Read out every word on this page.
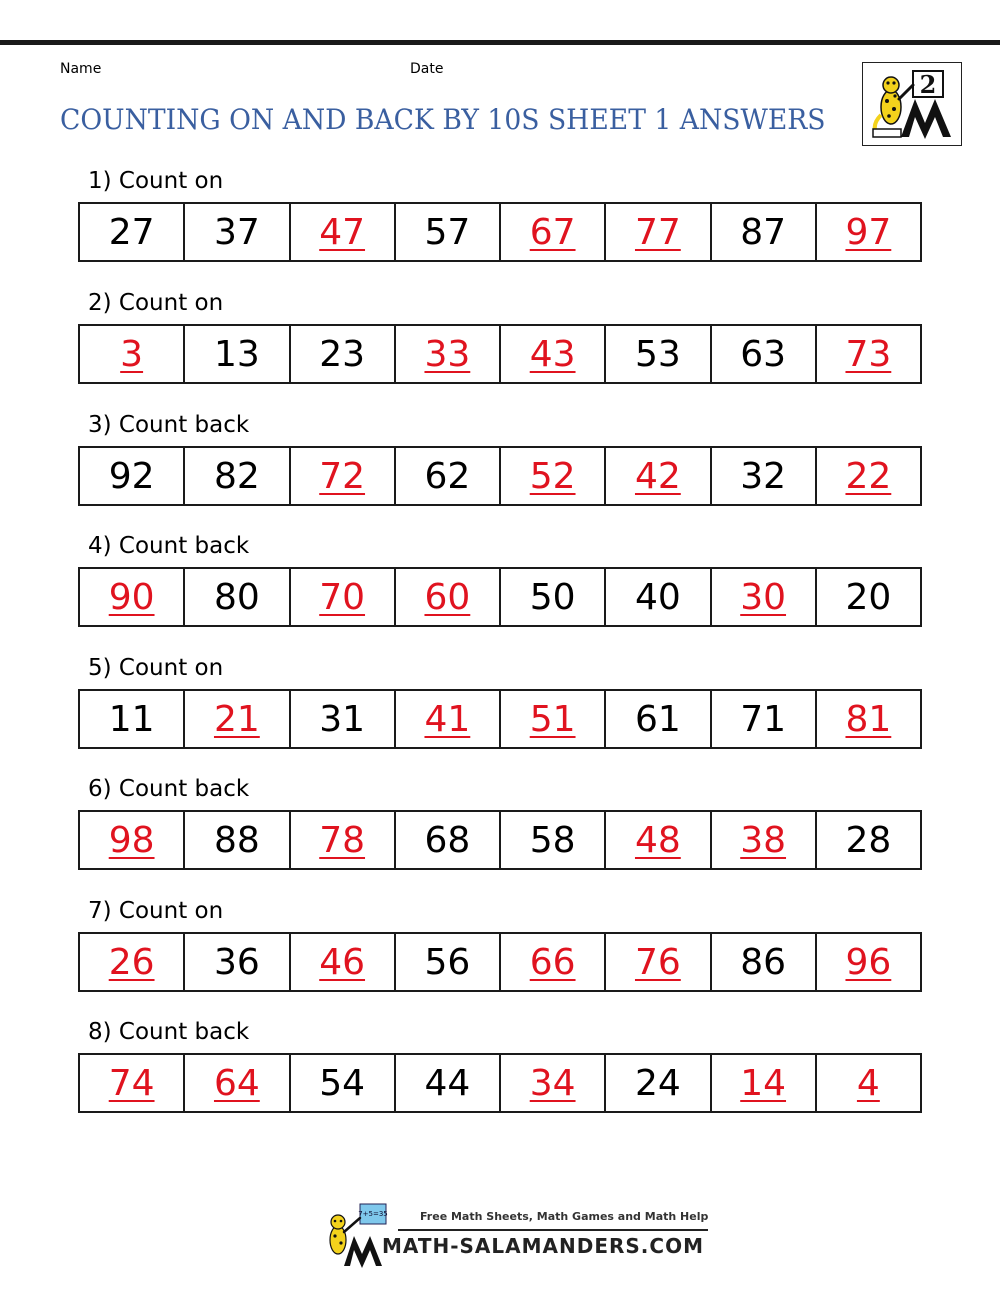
Name	Date
COUNTING ON AND BACK BY 10S SHEET 1 ANSWERS
2
1) Count on
27	37	47	57	67	77	87	97
2) Count on
3	13	23	33	43	53	63	73
3) Count back
92	82	72	62	52	42	32	22
4) Count back
90	80	70	60	50	40	30	20
5) Count on
11	21	31	41	51	61	71	81
6) Count back
98	88	78	68	58	48	38	28
7) Count on
26	36	46	56	66	76	86	96
8) Count back
74	64	54	44	34	24	14	4
7+5=35	Free Math Sheets, Math Games and Math Help
MATH-SALAMANDERS.COM
